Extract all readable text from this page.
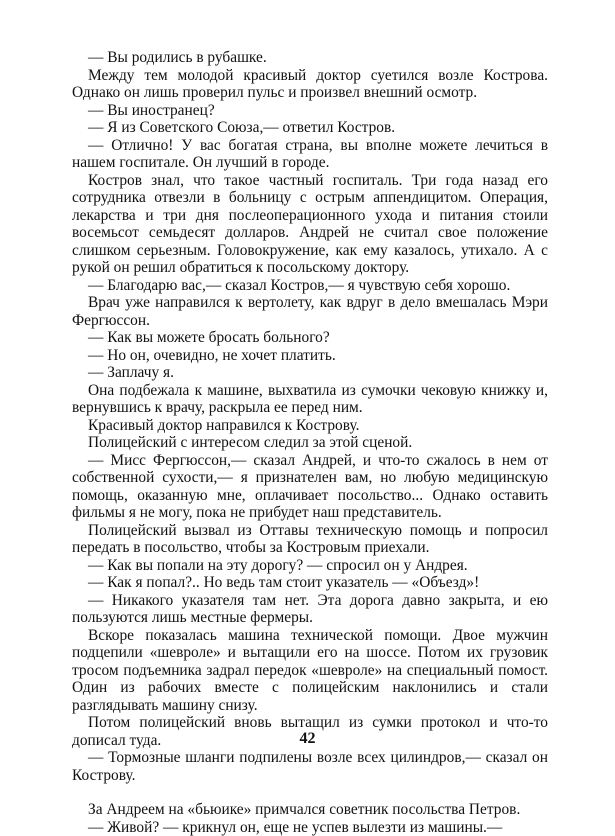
— Вы родились в рубашке.

Между тем молодой красивый доктор суетился возле Кострова. Однако он лишь проверил пульс и произвел внешний осмотр.

— Вы иностранец?

— Я из Советского Союза,— ответил Костров.

— Отлично! У вас богатая страна, вы вполне можете лечиться в нашем госпитале. Он лучший в городе.

Костров знал, что такое частный госпиталь. Три года назад его сотрудника отвезли в больницу с острым аппендицитом. Операция, лекарства и три дня послеоперационного ухода и питания стоили восемьсот семьдесят долларов. Андрей не считал свое положение слишком серьезным. Головокружение, как ему казалось, утихало. А с рукой он решил обратиться к посольскому доктору.

— Благодарю вас,— сказал Костров,— я чувствую себя хорошо.

Врач уже направился к вертолету, как вдруг в дело вмешалась Мэри Фергюссон.

— Как вы можете бросать больного?

— Но он, очевидно, не хочет платить.

— Заплачу я.

Она подбежала к машине, выхватила из сумочки чековую книжку и, вернувшись к врачу, раскрыла ее перед ним.

Красивый доктор направился к Кострову.

Полицейский с интересом следил за этой сценой.

— Мисс Фергюссон,— сказал Андрей, и что-то сжалось в нем от собственной сухости,— я признателен вам, но любую медицинскую помощь, оказанную мне, оплачивает посольство... Однако оставить фильмы я не могу, пока не прибудет наш представитель.

Полицейский вызвал из Оттавы техническую помощь и попросил передать в посольство, чтобы за Костровым приехали.

— Как вы попали на эту дорогу? — спросил он у Андрея.

— Как я попал?.. Но ведь там стоит указатель — «Объезд»!

— Никакого указателя там нет. Эта дорога давно закрыта, и ею пользуются лишь местные фермеры.

Вскоре показалась машина технической помощи. Двое мужчин подцепили «шевроле» и вытащили его на шоссе. Потом их грузовик тросом подъемника задрал передок «шевроле» на специальный помост. Один из рабочих вместе с полицейским наклонились и стали разглядывать машину снизу.

Потом полицейский вновь вытащил из сумки протокол и что-то дописал туда.

— Тормозные шланги подпилены возле всех цилиндров,— сказал он Кострову.

За Андреем на «бьюике» примчался советник посольства Петров.

— Живой? — крикнул он, еще не успев вылезти из машины.—

42
